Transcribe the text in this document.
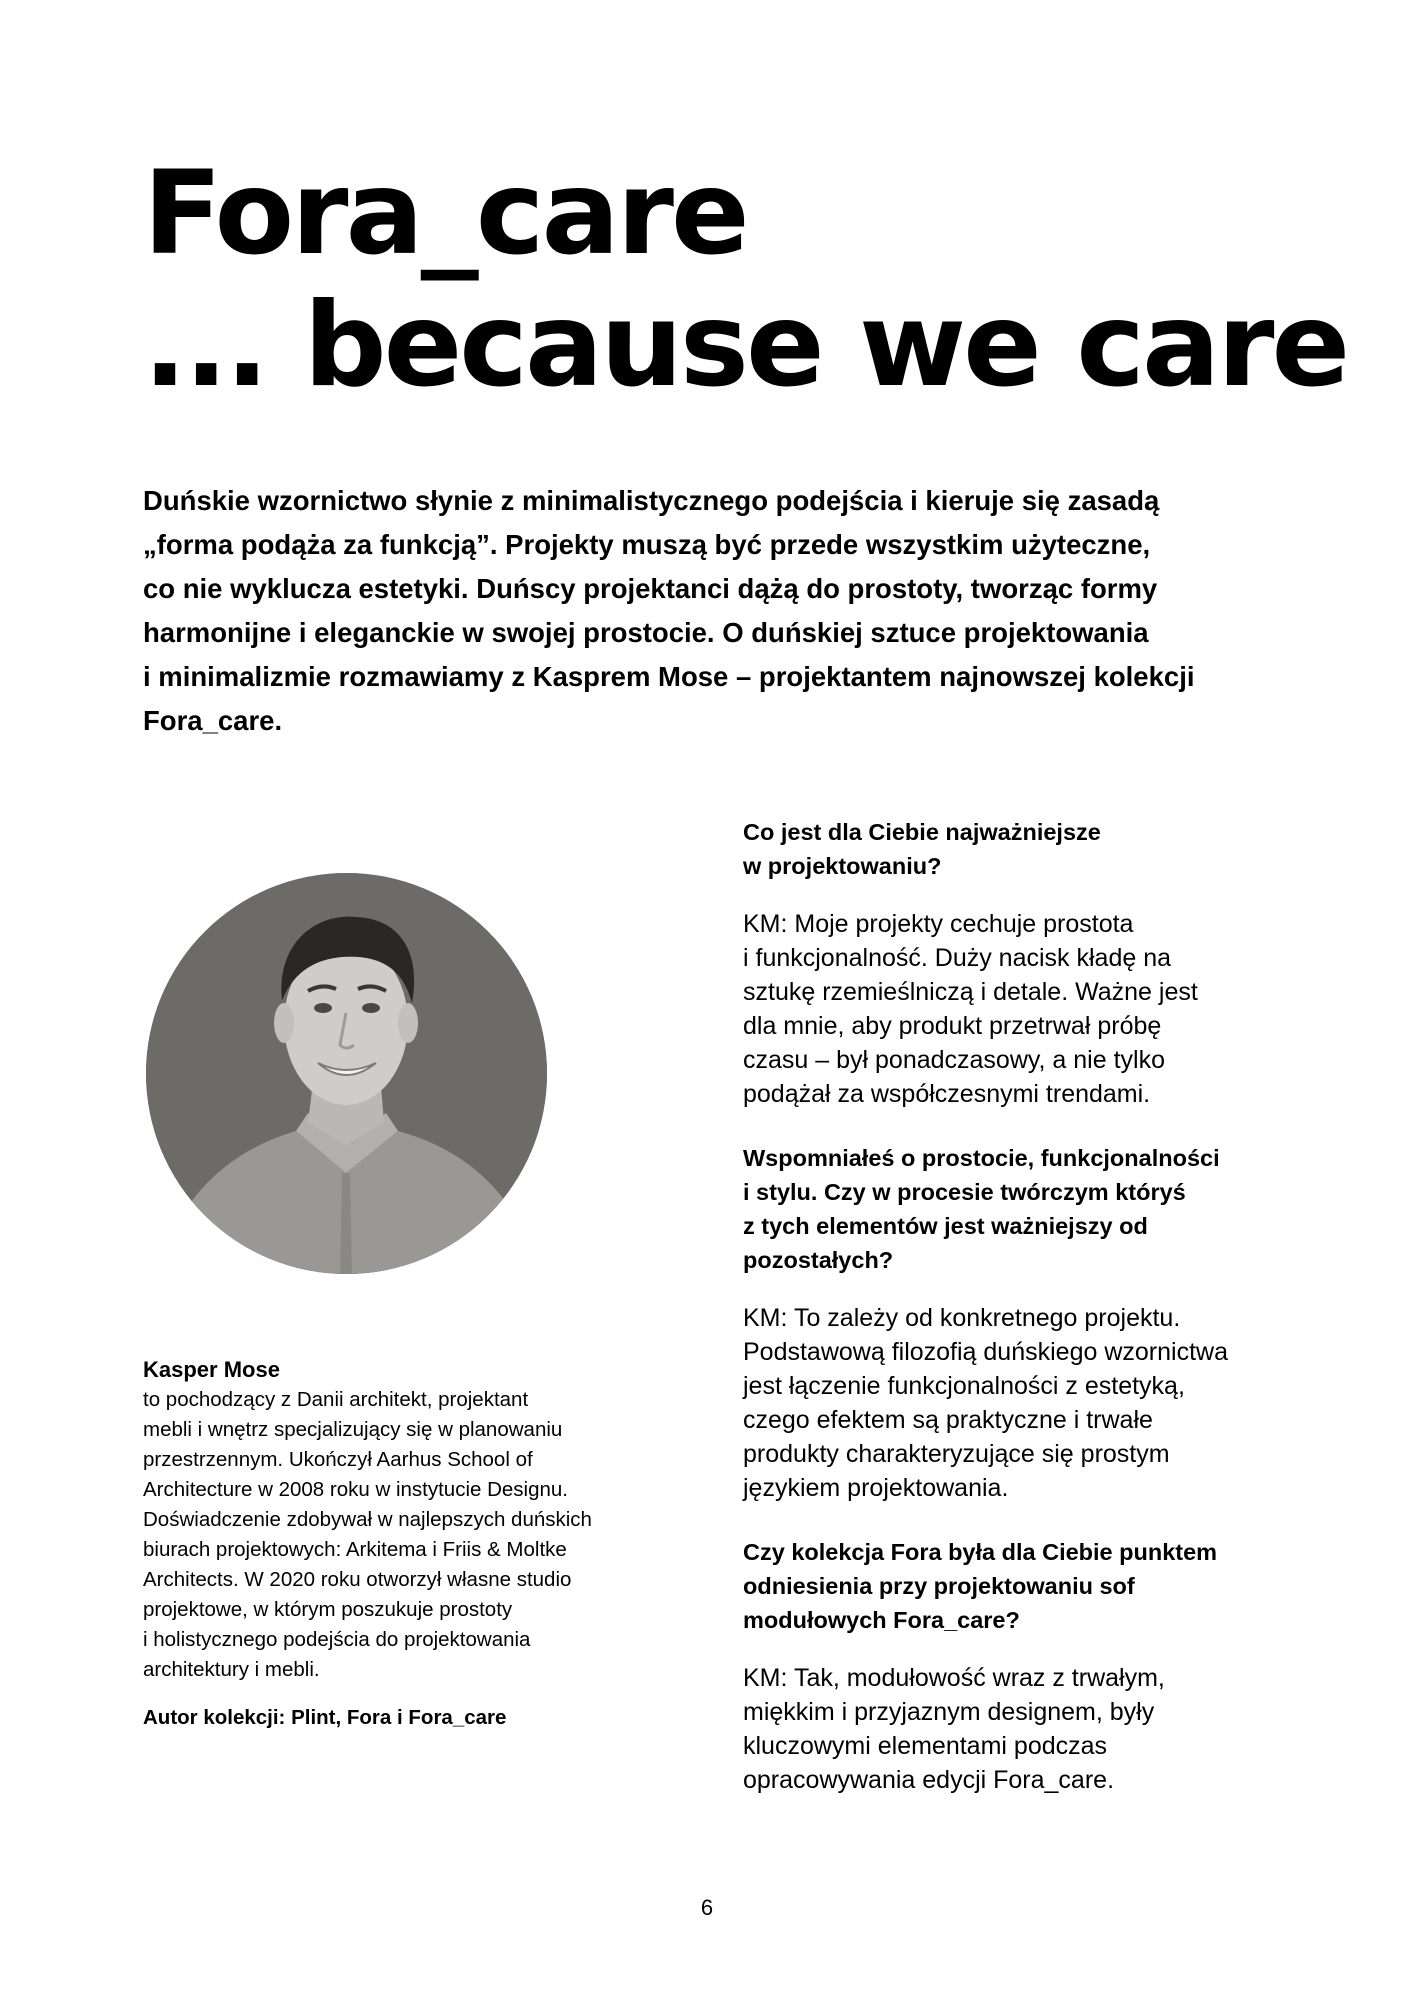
Fora_care
... because we care

Duńskie wzornictwo słynie z minimalistycznego podejścia i kieruje się zasadą
„forma podąża za funkcją”. Projekty muszą być przede wszystkim użyteczne,
co nie wyklucza estetyki. Duńscy projektanci dążą do prostoty, tworząc formy
harmonijne i eleganckie w swojej prostocie. O duńskiej sztuce projektowania
i minimalizmie rozmawiamy z Kasprem Mose – projektantem najnowszej kolekcji
Fora_care.

Kasper Mose

to pochodzący z Danii architekt, projektant
mebli i wnętrz specjalizujący się w planowaniu
przestrzennym. Ukończył Aarhus School of
Architecture w 2008 roku w instytucie Designu.
Doświadczenie zdobywał w najlepszych duńskich
biurach projektowych: Arkitema i Friis & Moltke
Architects. W 2020 roku otworzył własne studio
projektowe, w którym poszukuje prostoty
i holistycznego podejścia do projektowania
architektury i mebli.

Autor kolekcji: Plint, Fora i Fora_care

Co jest dla Ciebie najważniejsze
w projektowaniu?

KM: Moje projekty cechuje prostota
i funkcjonalność. Duży nacisk kładę na
sztukę rzemieślniczą i detale. Ważne jest
dla mnie, aby produkt przetrwał próbę
czasu – był ponadczasowy, a nie tylko
podążał za współczesnymi trendami.

Wspomniałeś o prostocie, funkcjonalności
i stylu. Czy w procesie twórczym któryś
z tych elementów jest ważniejszy od
pozostałych?

KM: To zależy od konkretnego projektu.
Podstawową filozofią duńskiego wzornictwa
jest łączenie funkcjonalności z estetyką,
czego efektem są praktyczne i trwałe
produkty charakteryzujące się prostym
językiem projektowania.

Czy kolekcja Fora była dla Ciebie punktem
odniesienia przy projektowaniu sof
modułowych Fora_care?

KM: Tak, modułowość wraz z trwałym,
miękkim i przyjaznym designem, były
kluczowymi elementami podczas
opracowywania edycji Fora_care.

6
